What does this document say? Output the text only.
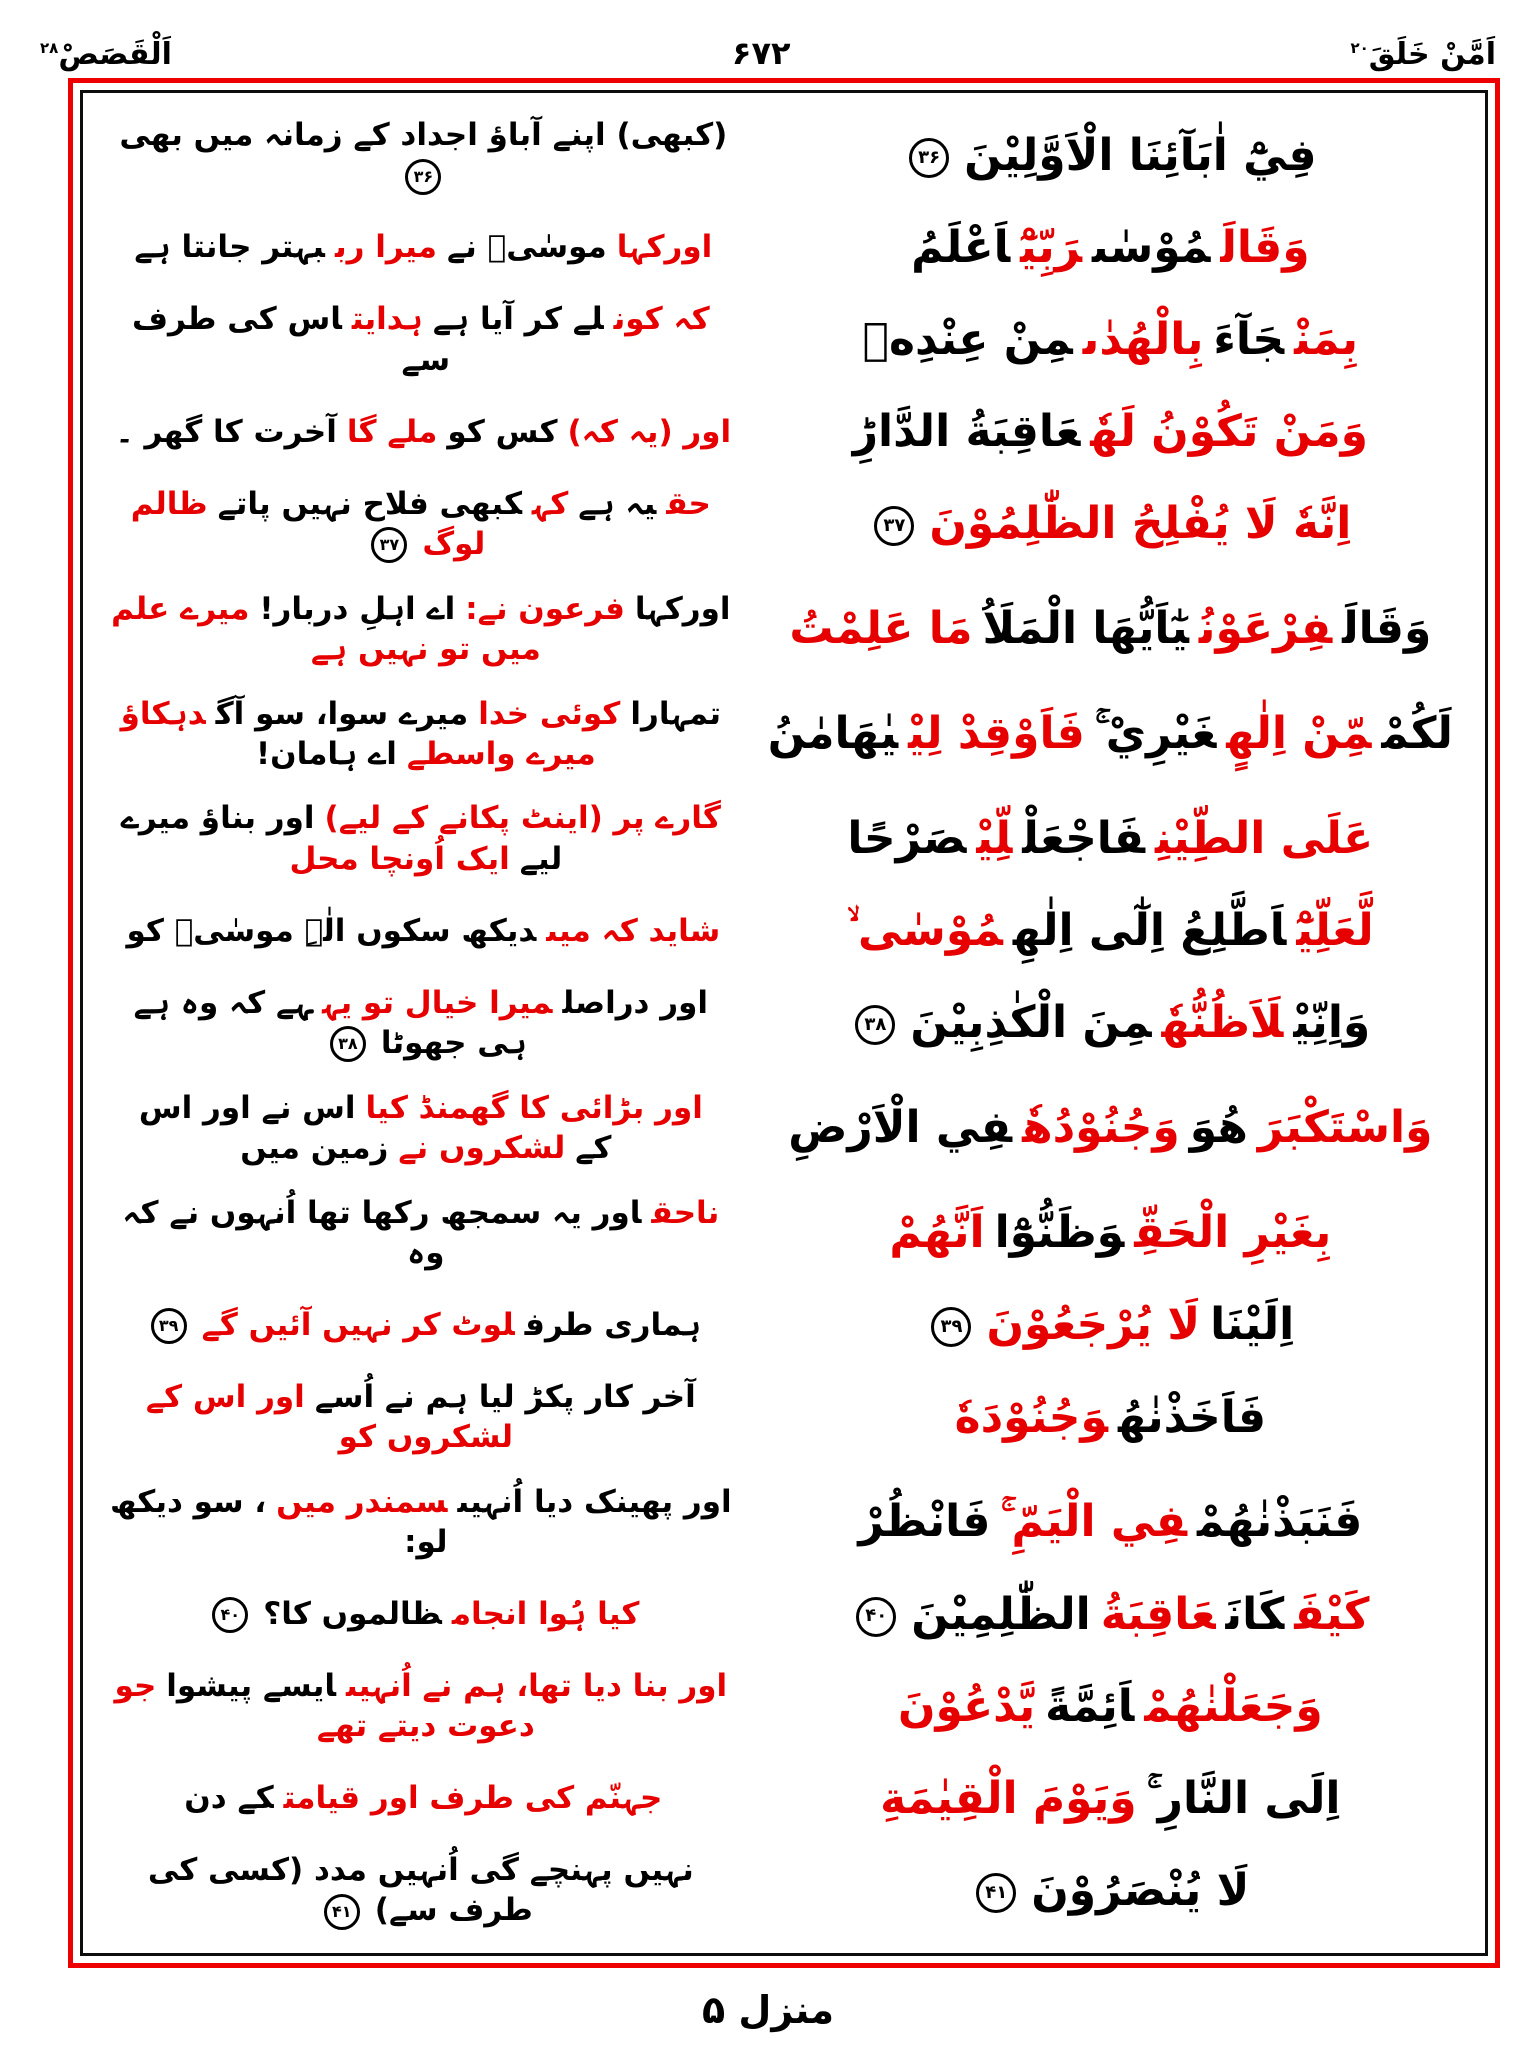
اَلْقَصَصْ$^{۲۸}$	۶۷۲	اَمَّنْ خَلَقَ$^{۲۰}$
فِيْٓ اٰبَآئِنَا الْاَوَّلِيْنَ۳۶
(کبھی) اپنے آباؤ اجداد کے زمانہ میں بھی۳۶
وَقَالَمُوْسٰىرَبِّيْٓاَعْلَمُ
اورکہاموسٰیؑ نےمیرا رببہتر جانتا ہے
بِمَنْجَآءَبِالْهُدٰىمِنْ عِنْدِهٖ
کہ کونلے کر آیا ہےہدایتاس کی طرف سے
وَمَنْ تَكُوْنُ لَهٗعَاقِبَةُ الدَّارِؕ
اور (یہ کہ)کس کوملے گاآخرت کا گھر ۔
اِنَّهٗ لَا يُفْلِحُ الظّٰلِمُوْنَ۳۷
حقیہ ہےکہکبھی فلاح نہیں پاتےظالم لوگ۳۷
وَقَالَفِرْعَوْنُيٰٓاَيُّهَا الْمَلَاُمَا عَلِمْتُ
اورکہافرعون نے:اے اہلِ دربار!میرے علم میں تو نہیں ہے
لَكُمْمِّنْ اِلٰهٍغَيْرِيْ ۚفَاَوْقِدْ لِيْيٰهَامٰنُ
تمہاراکوئی خدامیرے سوا، سو آگدہکاؤ میرے واسطےاے ہامان!
عَلَى الطِّيْنِفَاجْعَلْلِّيْصَرْحًا
گارے پر (اینٹ پکانے کے لیے)اور بناؤ میرے لیےایک اُونچا محل
لَّعَلِّيْٓاَطَّلِعُ اِلٰٓى اِلٰهِمُوْسٰى ۙ
شاید کہ میںدیکھ سکوں الٰہِ موسٰیؑ کو
وَاِنِّيْلَاَظُنُّهٗمِنَ الْكٰذِبِيْنَ۳۸
اور دراصلمیرا خیال تو یہہے کہ وہ ہے ہی جھوٹا۳۸
وَاسْتَكْبَرَهُوَوَجُنُوْدُهٗفِي الْاَرْضِ
اور بڑائی کا گھمنڈ کیااس نے اور اس کےلشکروں نےزمین میں
بِغَيْرِ الْحَقِّوَظَنُّوْٓااَنَّهُمْ
ناحقاور یہ سمجھ رکھا تھا اُنہوں نے کہ وہ
اِلَيْنَالَا يُرْجَعُوْنَ۳۹
ہماری طرفلوٹ کر نہیں آئیں گے۳۹
فَاَخَذْنٰهُوَجُنُوْدَهٗ
آخر کار پکڑ لیا ہم نے اُسےاور اس کے لشکروں کو
فَنَبَذْنٰهُمْفِي الْيَمِّ ۚفَانْظُرْ
اور پھینک دیا اُنہیںسمندر میں، سو دیکھ لو:
كَيْفَكَانَعَاقِبَةُالظّٰلِمِيْنَ۴۰
کیا ہُوا انجامظالموں کا؟۴۰
وَجَعَلْنٰهُمْاَئِمَّةًيَّدْعُوْنَ
اور بنا دیا تھا، ہم نے اُنہیںایسے پیشواجو دعوت دیتے تھے
اِلَى النَّارِ ۚوَيَوْمَ الْقِيٰمَةِ
جہنّم کی طرف اور قیامتکے دن
لَا يُنْصَرُوْنَ۴۱
نہیں پہنچے گی اُنہیں مدد (کسی کی طرف سے)۴۱
منزل ۵
